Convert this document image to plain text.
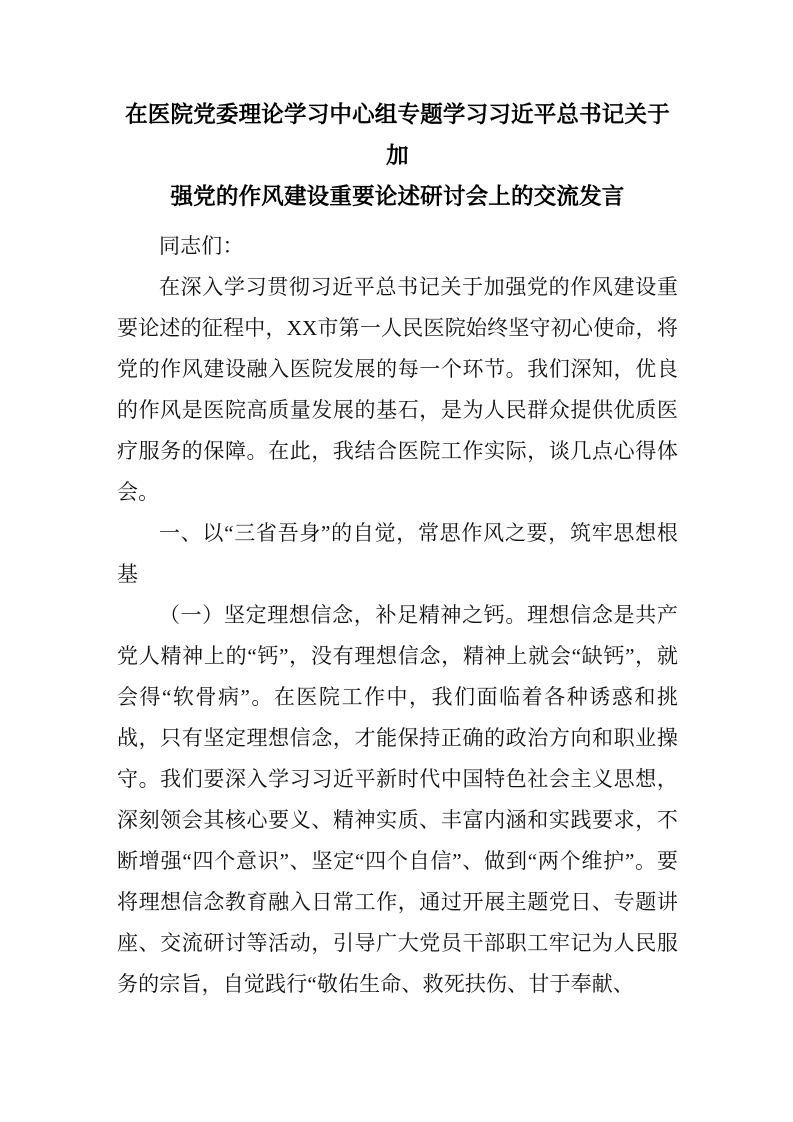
在医院党委理论学习中心组专题学习习近平总书记关于加
强党的作风建设重要论述研讨会上的交流发言

同志们：

在深入学习贯彻习近平总书记关于加强党的作风建设重要论述的征程中，XX市第一人民医院始终坚守初心使命，将党的作风建设融入医院发展的每一个环节。我们深知，优良的作风是医院高质量发展的基石，是为人民群众提供优质医疗服务的保障。在此，我结合医院工作实际，谈几点心得体会。

一、以“三省吾身”的自觉，常思作风之要，筑牢思想根基

（一）坚定理想信念，补足精神之钙。理想信念是共产党人精神上的“钙”，没有理想信念，精神上就会“缺钙”，就会得“软骨病”。在医院工作中，我们面临着各种诱惑和挑战，只有坚定理想信念，才能保持正确的政治方向和职业操守。我们要深入学习习近平新时代中国特色社会主义思想，深刻领会其核心要义、精神实质、丰富内涵和实践要求，不断增强“四个意识”、坚定“四个自信”、做到“两个维护”。要将理想信念教育融入日常工作，通过开展主题党日、专题讲座、交流研讨等活动，引导广大党员干部职工牢记为人民服务的宗旨，自觉践行“敬佑生命、救死扶伤、甘于奉献、
